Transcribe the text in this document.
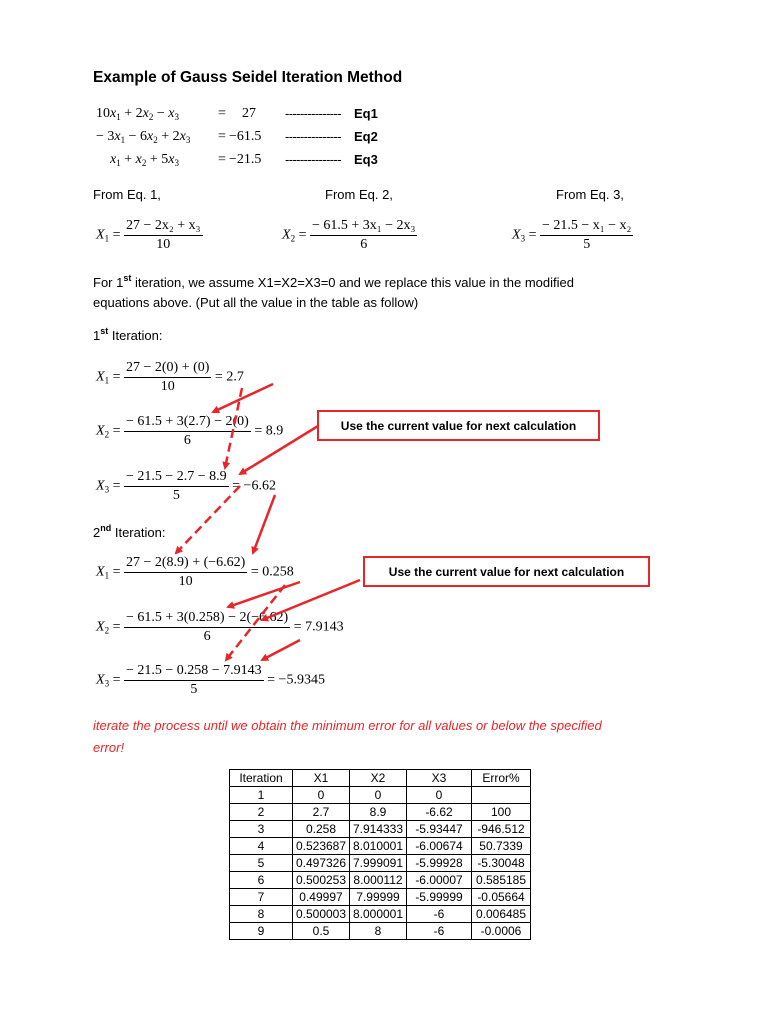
Example of Gauss Seidel Iteration Method
$10x_1 + 2x_2 - x_3$	= 27 --------------- Eq1
− $3x_1 - 6x_2 + 2x_3 = -61.5$ --------------- Eq2
$x_1 + x_2 + 5x_3$	= −21.5 --------------- Eq3
From Eq. 1,	From Eq. 2,	From Eq. 3,
$X_1 = \frac{\text{27 − 2x₂ + x₃}}{10}$	$X_2 = \frac{\text{− 61.5 + 3x₁ − 2x₃}}{6}$	$X_3 = \frac{\text{− 21.5 − x₁ − x₂}}{5}$
For 1st iteration, we assume X1=X2=X3=0 and we replace this value in the modified
equations above. (Put all the value in the table as follow)
1st Iteration:
$X_1 = \frac{27 - 2(0) + (0)}{10} = 2.7$
$X_2 = \frac{- 61.5 + 3(2.7) - 2(0)}{6} = 8.9$
$X_3 = \frac{- 21.5 - 2.7 - 8.9}{5} = -6.62$
Use the current value for next calculation
2nd Iteration:
$X_1 = \frac{27 - 2(8.9) + (-6.62)}{10} = 0.258$
$X_2 = \frac{- 61.5 + 3(0.258) - 2(-6.62)}{6} = 7.9143$
$X_3 = \frac{- 21.5 - 0.258 - 7.9143}{5} = -5.9345$
Use the current value for next calculation
iterate the process until we obtain the minimum error for all values or below the specified
error!
Iteration	X1	X2	X3	Error%
1	0	0	0	
2	2.7	8.9	-6.62	100
3	0.258	7.914333	-5.93447	-946.512
4	0.523687	8.010001	-6.00674	50.7339
5	0.497326	7.999091	-5.99928	-5.30048
6	0.500253	8.000112	-6.00007	0.585185
7	0.49997	7.99999	-5.99999	-0.05664
8	0.500003	8.000001	-6	0.006485
9	0.5	8	-6	-0.0006
